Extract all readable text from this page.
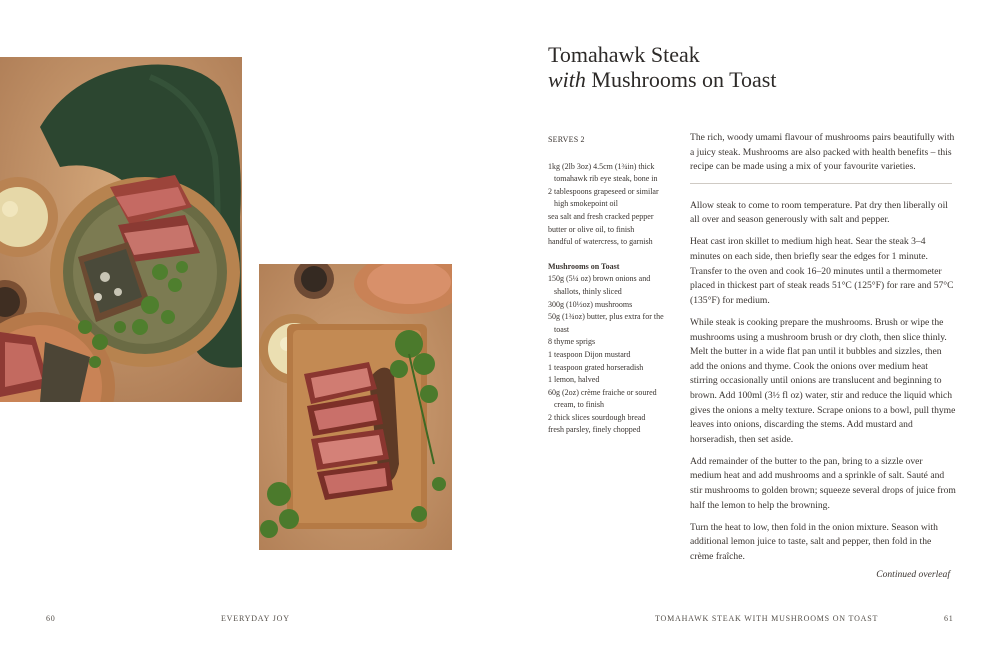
Tomahawk Steak
with Mushrooms on Toast
SERVES 2

1kg (2lb 3oz) 4.5cm (1¾in) thick tomahawk rib eye steak, bone in

2 tablespoons grapeseed or similar high smokepoint oil

sea salt and fresh cracked pepper

butter or olive oil, to finish

handful of watercress, to garnish

Mushrooms on Toast

150g (5¼ oz) brown onions and shallots, thinly sliced

300g (10½oz) mushrooms

50g (1¾oz) butter, plus extra for the toast

8 thyme sprigs

1 teaspoon Dijon mustard

1 teaspoon grated horseradish

1 lemon, halved

60g (2oz) crème fraiche or soured cream, to finish

2 thick slices sourdough bread

fresh parsley, finely chopped

The rich, woody umami flavour of mushrooms pairs beautifully with a juicy steak. Mushrooms are also packed with health benefits – this recipe can be made using a mix of your favourite varieties.

Allow steak to come to room temperature. Pat dry then liberally oil all over and season generously with salt and pepper.

Heat cast iron skillet to medium high heat. Sear the steak 3–4 minutes on each side, then briefly sear the edges for 1 minute. Transfer to the oven and cook 16–20 minutes until a thermometer placed in thickest part of steak reads 51°C (125°F) for rare and 57°C (135°F) for medium.

While steak is cooking prepare the mushrooms. Brush or wipe the mushrooms using a mushroom brush or dry cloth, then slice thinly. Melt the butter in a wide flat pan until it bubbles and sizzles, then add the onions and thyme. Cook the onions over medium heat stirring occasionally until onions are translucent and beginning to brown. Add 100ml (3½ fl oz) water, stir and reduce the liquid which gives the onions a melty texture. Scrape onions to a bowl, pull thyme leaves into onions, discarding the stems. Add mustard and horseradish, then set aside.

Add remainder of the butter to the pan, bring to a sizzle over medium heat and add mushrooms and a sprinkle of salt. Sauté and stir mushrooms to golden brown; squeeze several drops of juice from half the lemon to help the browning.

Turn the heat to low, then fold in the onion mixture. Season with additional lemon juice to taste, salt and pepper, then fold in the crème fraîche.

Continued overleaf
60	EVERYDAY JOY	TOMAHAWK STEAK WITH MUSHROOMS ON TOAST	61
